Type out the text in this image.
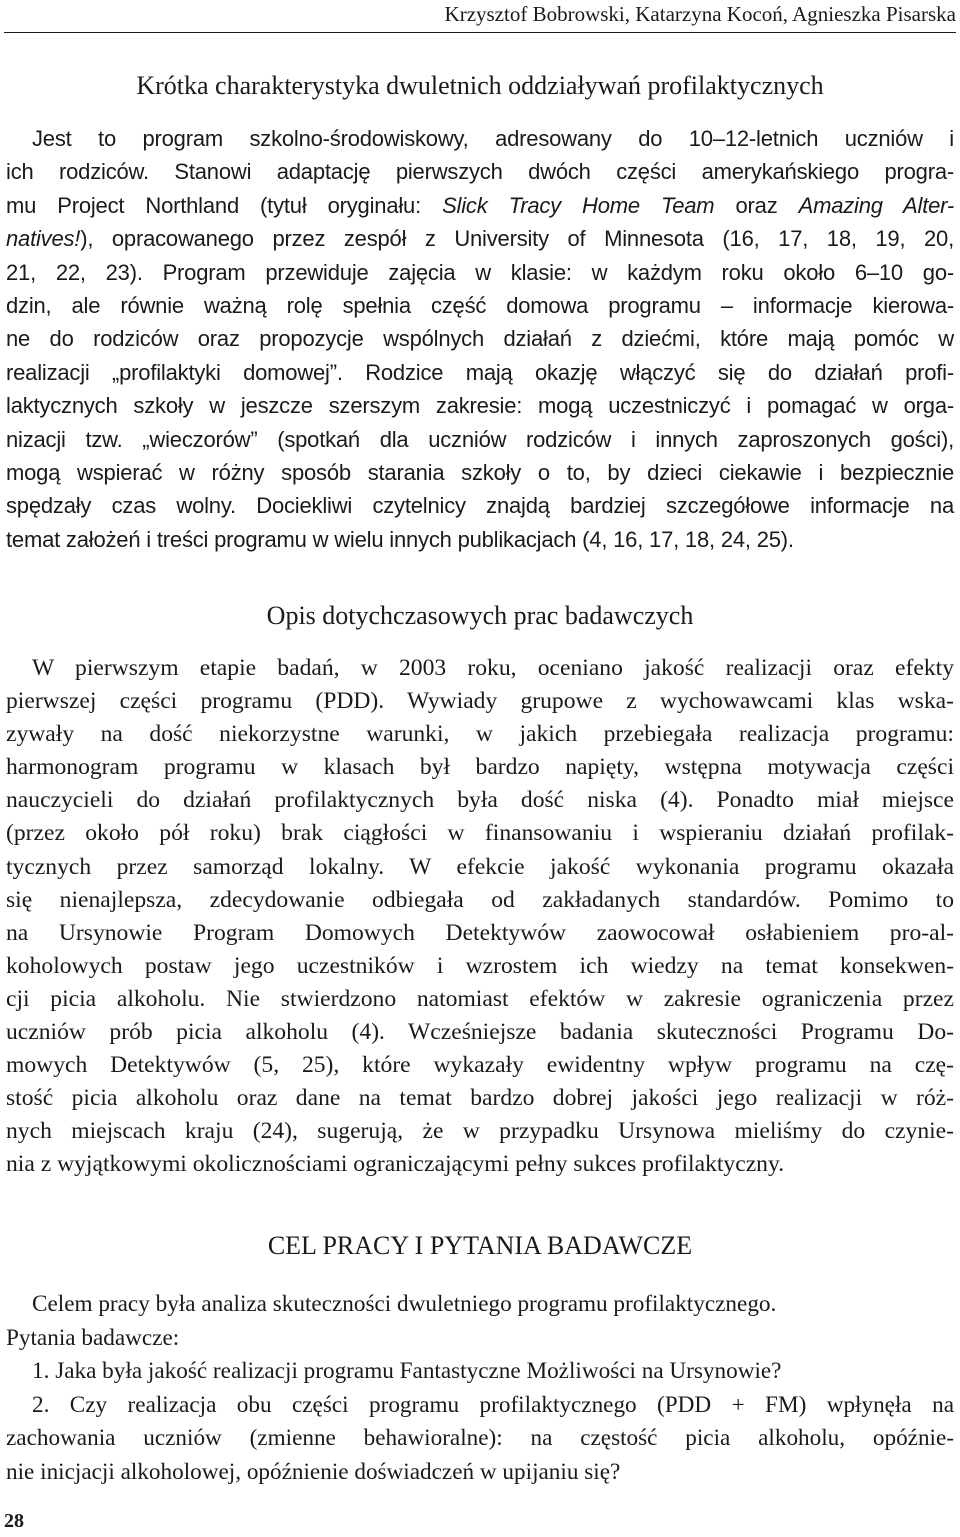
Krzysztof Bobrowski, Katarzyna Kocoń, Agnieszka Pisarska
Krótka charakterystyka dwuletnich oddziaływań profilaktycznych
Jest to program szkolno-środowiskowy, adresowany do 10–12-letnich uczniów i
ich rodziców. Stanowi adaptację pierwszych dwóch części amerykańskiego progra-
mu Project Northland (tytuł oryginału: Slick Tracy Home Team oraz Amazing Alter-
natives!), opracowanego przez zespół z University of Minnesota (16, 17, 18, 19, 20,
21, 22, 23). Program przewiduje zajęcia w klasie: w każdym roku około 6–10 go-
dzin, ale równie ważną rolę spełnia część domowa programu – informacje kierowa-
ne do rodziców oraz propozycje wspólnych działań z dziećmi, które mają pomóc w
realizacji „profilaktyki domowej”. Rodzice mają okazję włączyć się do działań profi-
laktycznych szkoły w jeszcze szerszym zakresie: mogą uczestniczyć i pomagać w orga-
nizacji tzw. „wieczorów” (spotkań dla uczniów rodziców i innych zaproszonych gości),
mogą wspierać w różny sposób starania szkoły o to, by dzieci ciekawie i bezpiecznie
spędzały czas wolny. Dociekliwi czytelnicy znajdą bardziej szczegółowe informacje na
temat założeń i treści programu w wielu innych publikacjach (4, 16, 17, 18, 24, 25).
Opis dotychczasowych prac badawczych
W pierwszym etapie badań, w 2003 roku, oceniano jakość realizacji oraz efekty
pierwszej części programu (PDD). Wywiady grupowe z wychowawcami klas wska-
zywały na dość niekorzystne warunki, w jakich przebiegała realizacja programu:
harmonogram programu w klasach był bardzo napięty, wstępna motywacja części
nauczycieli do działań profilaktycznych była dość niska (4). Ponadto miał miejsce
(przez około pół roku) brak ciągłości w finansowaniu i wspieraniu działań profilak-
tycznych przez samorząd lokalny. W efekcie jakość wykonania programu okazała
się nienajlepsza, zdecydowanie odbiegała od zakładanych standardów. Pomimo to
na Ursynowie Program Domowych Detektywów zaowocował osłabieniem pro-al-
koholowych postaw jego uczestników i wzrostem ich wiedzy na temat konsekwen-
cji picia alkoholu. Nie stwierdzono natomiast efektów w zakresie ograniczenia przez
uczniów prób picia alkoholu (4). Wcześniejsze badania skuteczności Programu Do-
mowych Detektywów (5, 25), które wykazały ewidentny wpływ programu na czę-
stość picia alkoholu oraz dane na temat bardzo dobrej jakości jego realizacji w róż-
nych miejscach kraju (24), sugerują, że w przypadku Ursynowa mieliśmy do czynie-
nia z wyjątkowymi okolicznościami ograniczającymi pełny sukces profilaktyczny.
CEL PRACY I PYTANIA BADAWCZE
Celem pracy była analiza skuteczności dwuletniego programu profilaktycznego.
Pytania badawcze:
1. Jaka była jakość realizacji programu Fantastyczne Możliwości na Ursynowie?
2. Czy realizacja obu części programu profilaktycznego (PDD + FM) wpłynęła na
zachowania uczniów (zmienne behawioralne): na częstość picia alkoholu, opóźnie-
nie inicjacji alkoholowej, opóźnienie doświadczeń w upijaniu się?
28
